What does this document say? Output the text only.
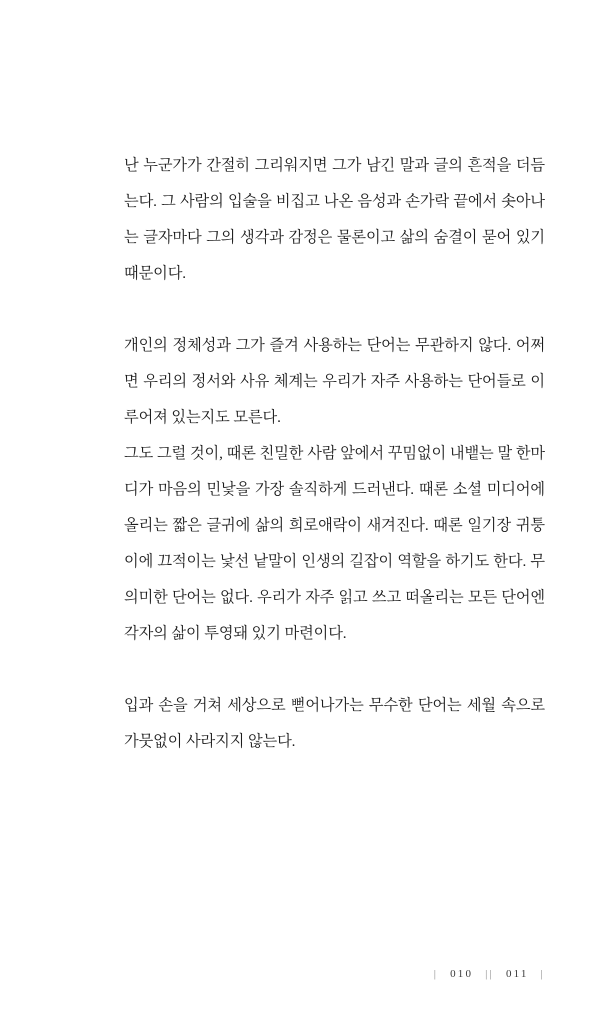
난 누군가가 간절히 그리워지면 그가 남긴 말과 글의 흔적을 더듬는다. 그 사람의 입술을 비집고 나온 음성과 손가락 끝에서 솟아나는 글자마다 그의 생각과 감정은 물론이고 삶의 숨결이 묻어 있기 때문이다.

개인의 정체성과 그가 즐겨 사용하는 단어는 무관하지 않다. 어쩌면 우리의 정서와 사유 체계는 우리가 자주 사용하는 단어들로 이루어져 있는지도 모른다.

그도 그럴 것이, 때론 친밀한 사람 앞에서 꾸밈없이 내뱉는 말 한마디가 마음의 민낯을 가장 솔직하게 드러낸다. 때론 소셜 미디어에 올리는 짧은 글귀에 삶의 희로애락이 새겨진다. 때론 일기장 귀퉁이에 끄적이는 낯선 낱말이 인생의 길잡이 역할을 하기도 한다. 무의미한 단어는 없다. 우리가 자주 읽고 쓰고 떠올리는 모든 단어엔 각자의 삶이 투영돼 있기 마련이다.

입과 손을 거쳐 세상으로 뻗어나가는 무수한 단어는 세월 속으로 가뭇없이 사라지지 않는다.

| 010 || 011 |
